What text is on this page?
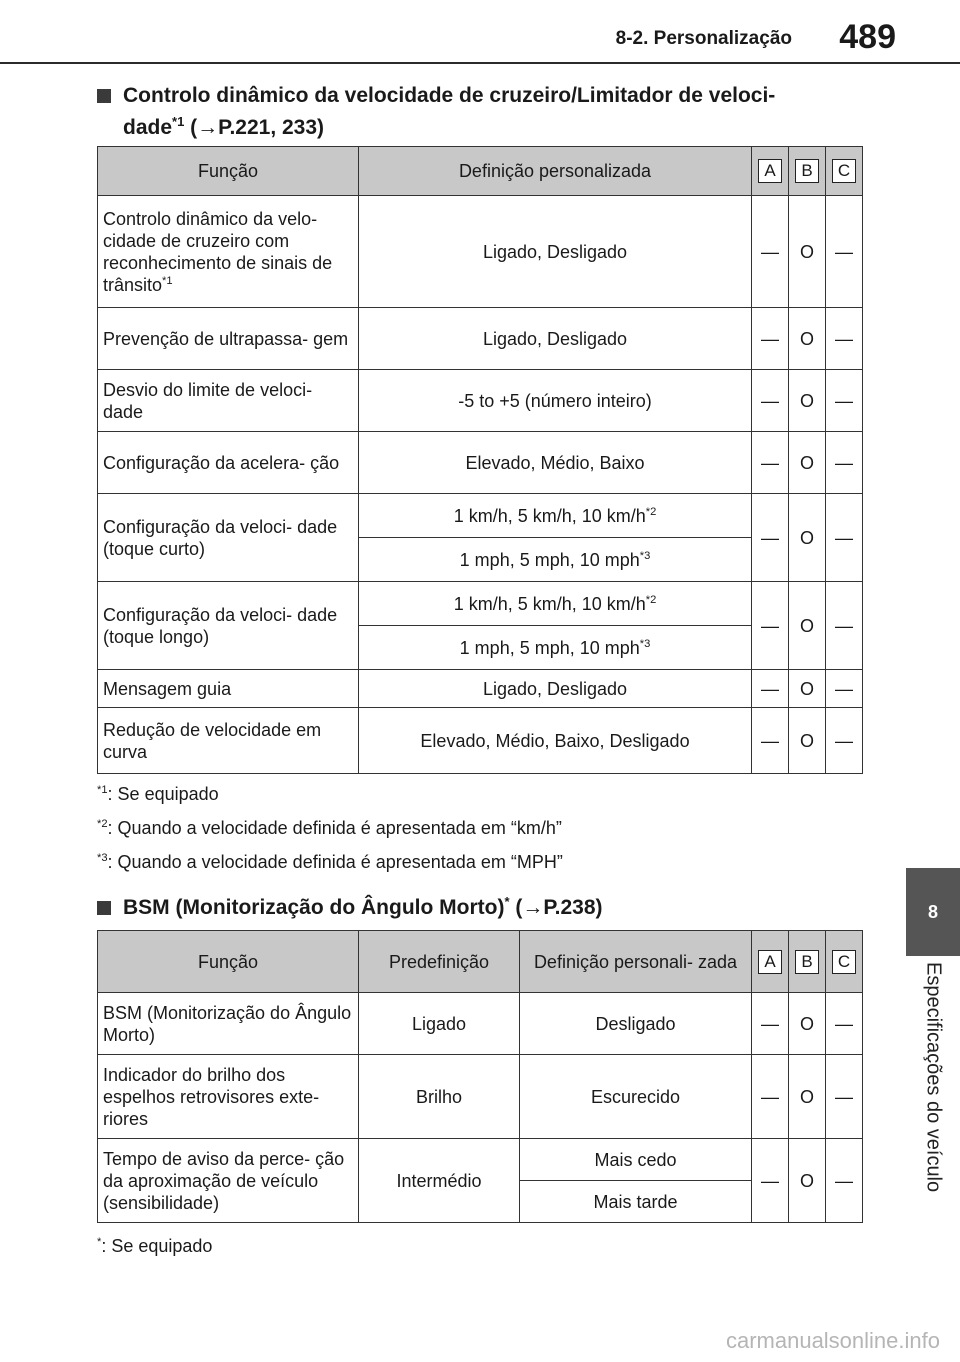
8-2. Personalização 489
8
Especificações do veículo
Controlo dinâmico da velocidade de cruzeiro/Limitador de veloci-
dade$^{*1}$ (→P.221, 233)
Função	Definição personalizada	A	B	C
Controlo dinâmico da velo- cidade de cruzeiro com reconhecimento de sinais de trânsito$^{*1}$	Ligado, Desligado	—	O	—
Prevenção de ultrapassa- gem	Ligado, Desligado	—	O	—
Desvio do limite de veloci- dade	-5 to +5 (número inteiro)	—	O	—
Configuração da acelera- ção	Elevado, Médio, Baixo	—	O	—
Configuração da veloci- dade (toque curto)	1 km/h, 5 km/h, 10 $km/h^{*2}$	—	O	—
	1 mph, 5 mph, 10 mph$^{*3}$
Configuração da veloci- dade (toque longo)	1 km/h, 5 km/h, 10 $km/h^{*2}$	—	O	—
	1 mph, 5 mph, 10 mph$^{*3}$
Mensagem guia	Ligado, Desligado	—	O	—
Redução de velocidade em curva	Elevado, Médio, Baixo, Desligado	—	O	—
$^{*1}$: Se equipado
$^{*2}$: Quando a velocidade definida é apresentada em “km/h”
$^{*3}$: Quando a velocidade definida é apresentada em “MPH”
BSM (Monitorização do Ângulo Morto)* (→P.238)
Função	Predefinição	Definição personali- zada	A	B	C
BSM (Monitorização do Ângulo Morto)	Ligado	Desligado	—	O	—
Indicador do brilho dos espelhos retrovisores exte- riores	Brilho	Escurecido	—	O	—
Tempo de aviso da perce- ção da aproximação de veículo (sensibilidade)	Intermédio	Mais cedo	—	O	—
		Mais tarde			
*: Se equipado
carmanualsonline.info
